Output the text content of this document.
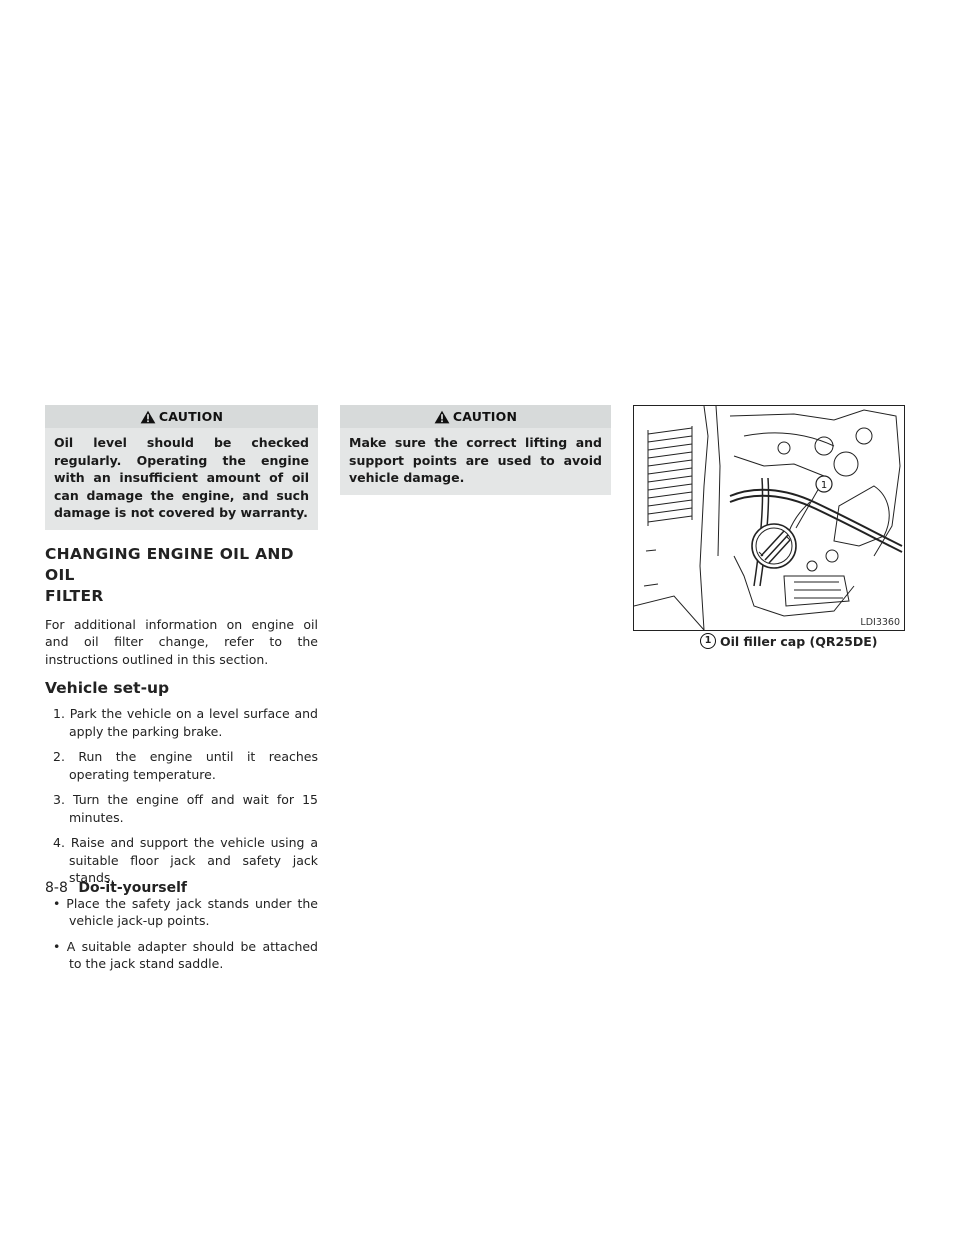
CAUTION
Oil level should be checked regularly. Operating the engine with an insufficient amount of oil can damage the engine, and such damage is not covered by warranty.
CHANGING ENGINE OIL AND OIL
FILTER

For additional information on engine oil and oil filter change, refer to the instructions outlined in this section.

Vehicle set-up

1. Park the vehicle on a level surface and apply the parking brake.

2. Run the engine until it reaches operating temperature.

3. Turn the engine off and wait for 15 minutes.

4. Raise and support the vehicle using a suitable floor jack and safety jack stands.

• Place the safety jack stands under the vehicle jack-up points.

• A suitable adapter should be attached to the jack stand saddle.

CAUTION
Make sure the correct lifting and support points are used to avoid vehicle damage.
1
LDI3360
1 Oil filler cap (QR25DE)
8-8 Do-it-yourself
